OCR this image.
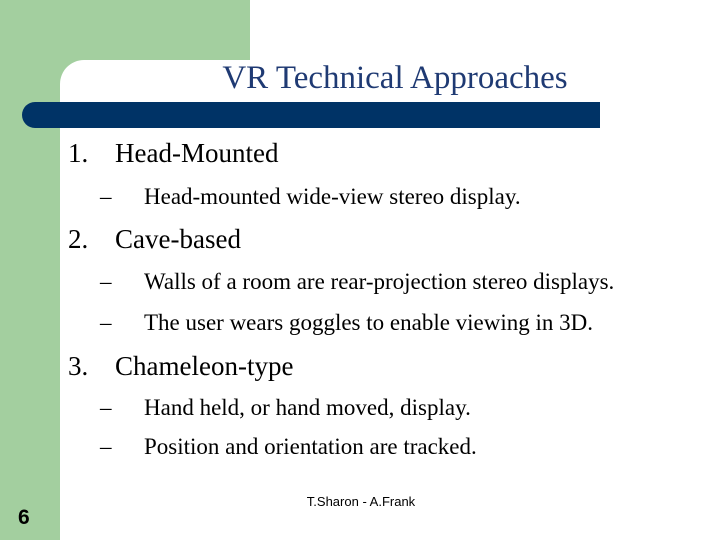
VR Technical Approaches
1. Head-Mounted
– Head-mounted wide-view stereo display.
2. Cave-based
– Walls of a room are rear-projection stereo displays.
– The user wears goggles to enable viewing in 3D.
3. Chameleon-type
– Hand held, or hand moved, display.
– Position and orientation are tracked.
T.Sharon - A.Frank
6
